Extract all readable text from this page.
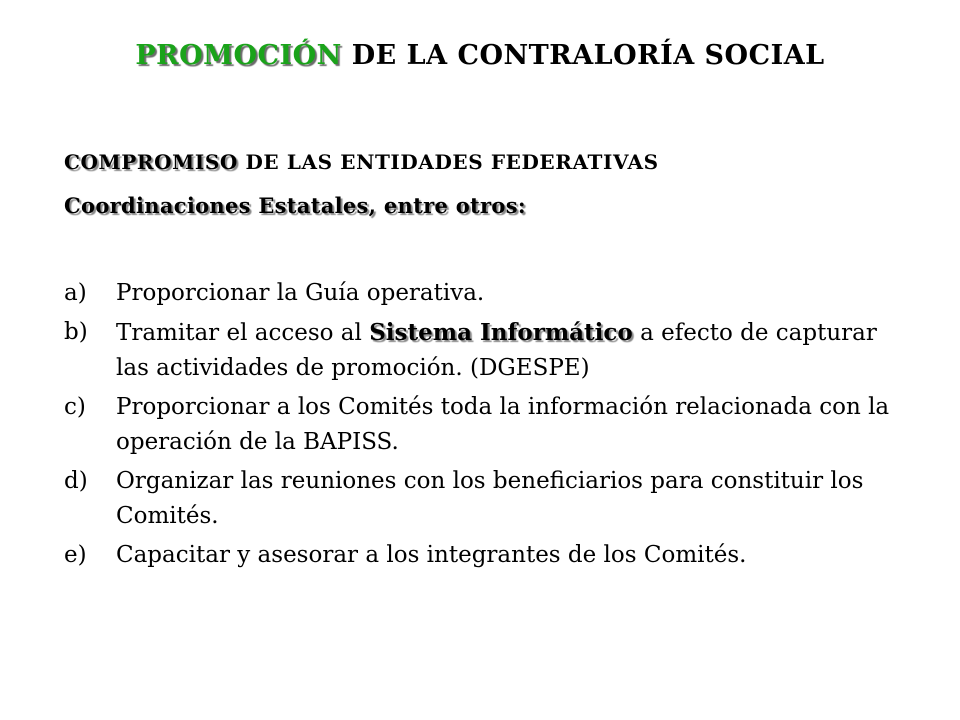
PROMOCIÓN DE LA CONTRALORÍA SOCIAL
COMPROMISO DE LAS ENTIDADES FEDERATIVAS
Coordinaciones Estatales, entre otros:
a)	Proporcionar la Guía operativa.
b)	Tramitar el acceso al Sistema Informático a efecto de capturar las actividades de promoción. (DGESPE)
c)	Proporcionar a los Comités toda la información relacionada con la operación de la BAPISS.
d)	Organizar las reuniones con los beneficiarios para constituir los Comités.
e)	Capacitar y asesorar a los integrantes de los Comités.
